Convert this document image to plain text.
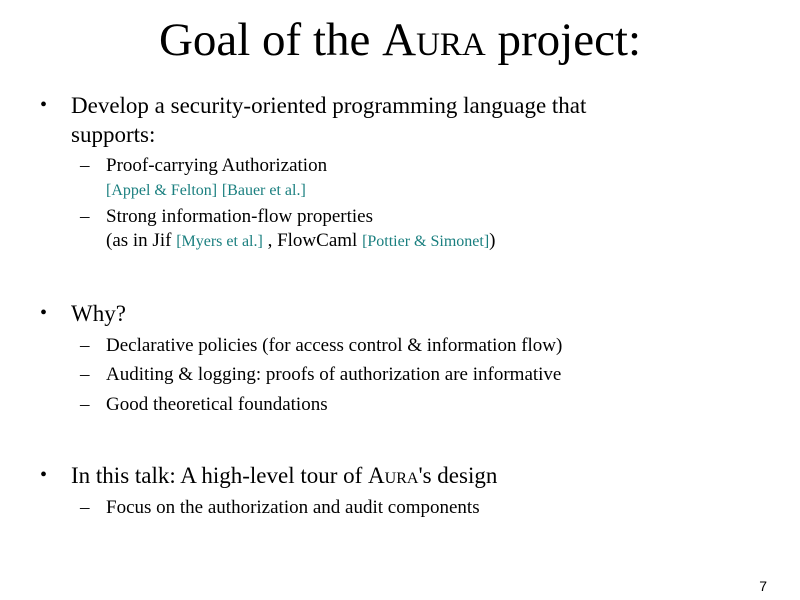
Goal of the Aura project:
• Develop a security-oriented programming language that
supports:
– Proof-carrying Authorization
[Appel & Felton] [Bauer et al.]
– Strong information-flow properties
(as in Jif [Myers et al.] , FlowCaml [Pottier & Simonet])
• Why?
– Declarative policies (for access control & information flow)
– Auditing & logging: proofs of authorization are informative
– Good theoretical foundations
• In this talk: A high-level tour of Aura's design
– Focus on the authorization and audit components
7
